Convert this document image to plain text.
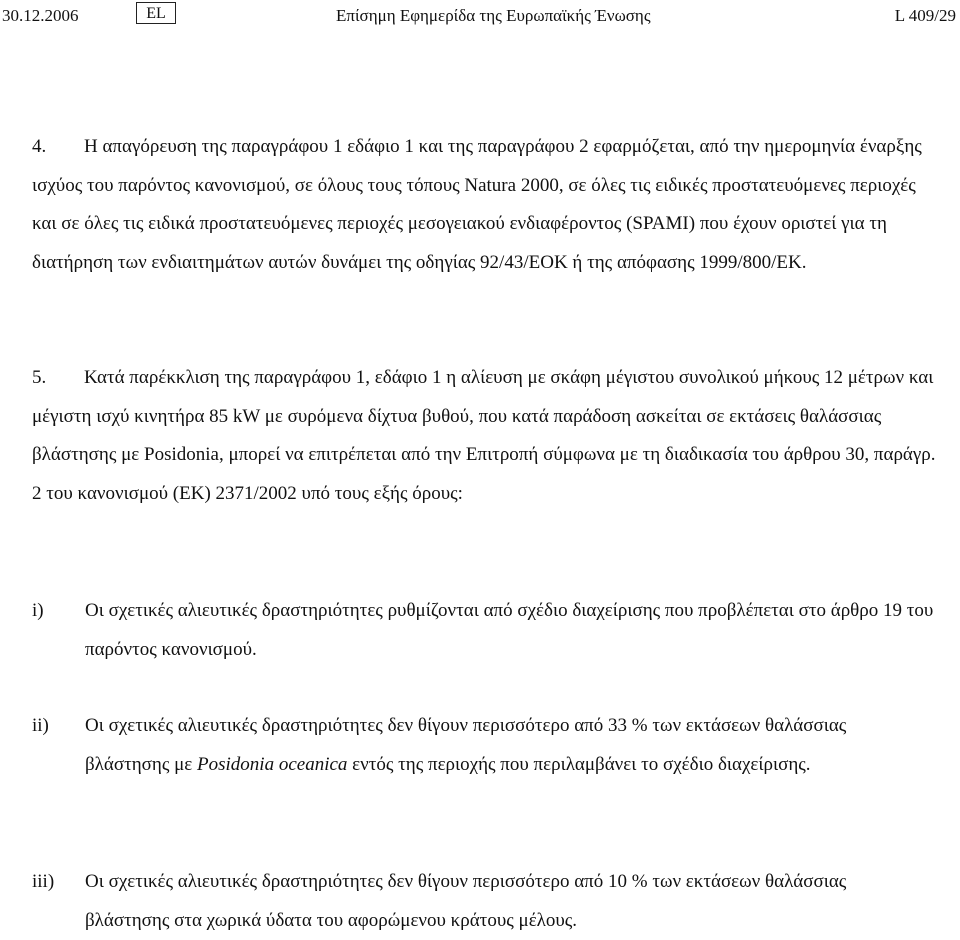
30.12.2006	EL	Επίσημη Εφημερίδα της Ευρωπαϊκής Ένωσης	L 409/29
4. Η απαγόρευση της παραγράφου 1 εδάφιο 1 και της παραγράφου 2 εφαρμόζεται, από την ημερομηνία έναρξης ισχύος του παρόντος κανονισμού, σε όλους τους τόπους Natura 2000, σε όλες τις ειδικές προστατευόμενες περιοχές και σε όλες τις ειδικά προστατευόμενες περιοχές μεσογειακού ενδιαφέροντος (SPAMI) που έχουν οριστεί για τη διατήρηση των ενδιαιτημάτων αυτών δυνάμει της οδηγίας 92/43/ΕΟΚ ή της απόφασης 1999/800/ΕΚ.
5. Κατά παρέκκλιση της παραγράφου 1, εδάφιο 1 η αλίευση με σκάφη μέγιστου συνολικού μήκους 12 μέτρων και μέγιστη ισχύ κινητήρα 85 kW με συρόμενα δίχτυα βυθού, που κατά παράδοση ασκείται σε εκτάσεις θαλάσσιας βλάστησης με Posidonia, μπορεί να επιτρέπεται από την Επιτροπή σύμφωνα με τη διαδικασία του άρθρου 30, παράγρ. 2 του κανονισμού (ΕΚ) 2371/2002 υπό τους εξής όρους:
i) Οι σχετικές αλιευτικές δραστηριότητες ρυθμίζονται από σχέδιο διαχείρισης που προβλέπεται στο άρθρο 19 του παρόντος κανονισμού.
ii) Οι σχετικές αλιευτικές δραστηριότητες δεν θίγουν περισσότερο από 33 % των εκτάσεων θαλάσσιας βλάστησης με Posidonia oceanica εντός της περιοχής που περιλαμβάνει το σχέδιο διαχείρισης.
iii) Οι σχετικές αλιευτικές δραστηριότητες δεν θίγουν περισσότερο από 10 % των εκτάσεων θαλάσσιας βλάστησης στα χωρικά ύδατα του αφορώμενου κράτους μέλους.
